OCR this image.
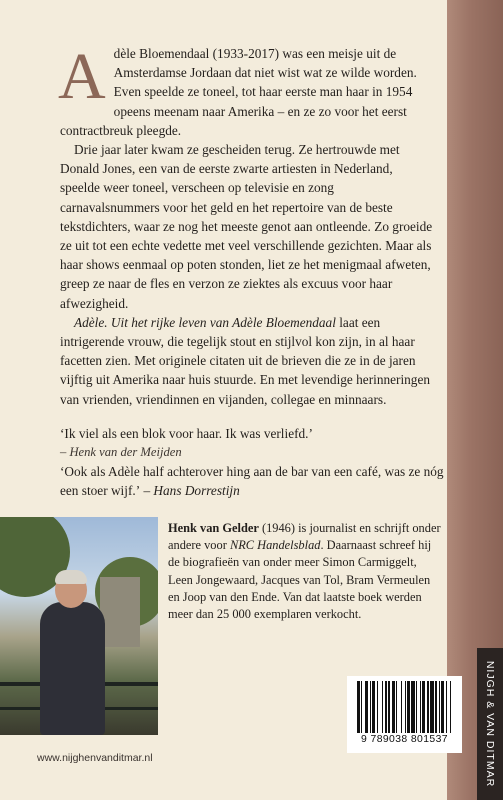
NIJGH & VAN DITMAR

Adèle Bloemendaal (1933-2017) was een meisje uit de Amsterdamse Jordaan dat niet wist wat ze wilde worden. Even speelde ze toneel, tot haar eerste man haar in 1954 opeens meenam naar Amerika – en ze zo voor het eerst contractbreuk pleegde.

Drie jaar later kwam ze gescheiden terug. Ze hertrouwde met Donald Jones, een van de eerste zwarte artiesten in Nederland, speelde weer toneel, verscheen op televisie en zong carnavalsnummers voor het geld en het repertoire van de beste tekstdichters, waar ze nog het meeste genot aan ontleende. Zo groeide ze uit tot een echte vedette met veel verschillende gezichten. Maar als haar shows eenmaal op poten stonden, liet ze het menigmaal afweten, greep ze naar de fles en verzon ze ziektes als excuus voor haar afwezigheid.

Adèle. Uit het rijke leven van Adèle Bloemendaal laat een intrigerende vrouw, die tegelijk stout en stijlvol kon zijn, in al haar facetten zien. Met originele citaten uit de brieven die ze in de jaren vijftig uit Amerika naar huis stuurde. En met levendige herinneringen van vrienden, vriendinnen en vijanden, collegae en minnaars.

‘Ik viel als een blok voor haar. Ik was verliefd.’
– Henk van der Meijden
‘Ook als Adèle half achterover hing aan de bar van een café, was ze nóg een stoer wijf.’ – Hans Dorrestijn
Henk van Gelder (1946) is journalist en schrijft onder andere voor NRC Handelsblad. Daarnaast schreef hij de biografieën van onder meer Simon Carmiggelt, Leen Jongewaard, Jacques van Tol, Bram Vermeulen en Joop van den Ende. Van dat laatste boek werden meer dan 25 000 exemplaren verkocht.
9 789038 801537
www.nijghenvanditmar.nl
